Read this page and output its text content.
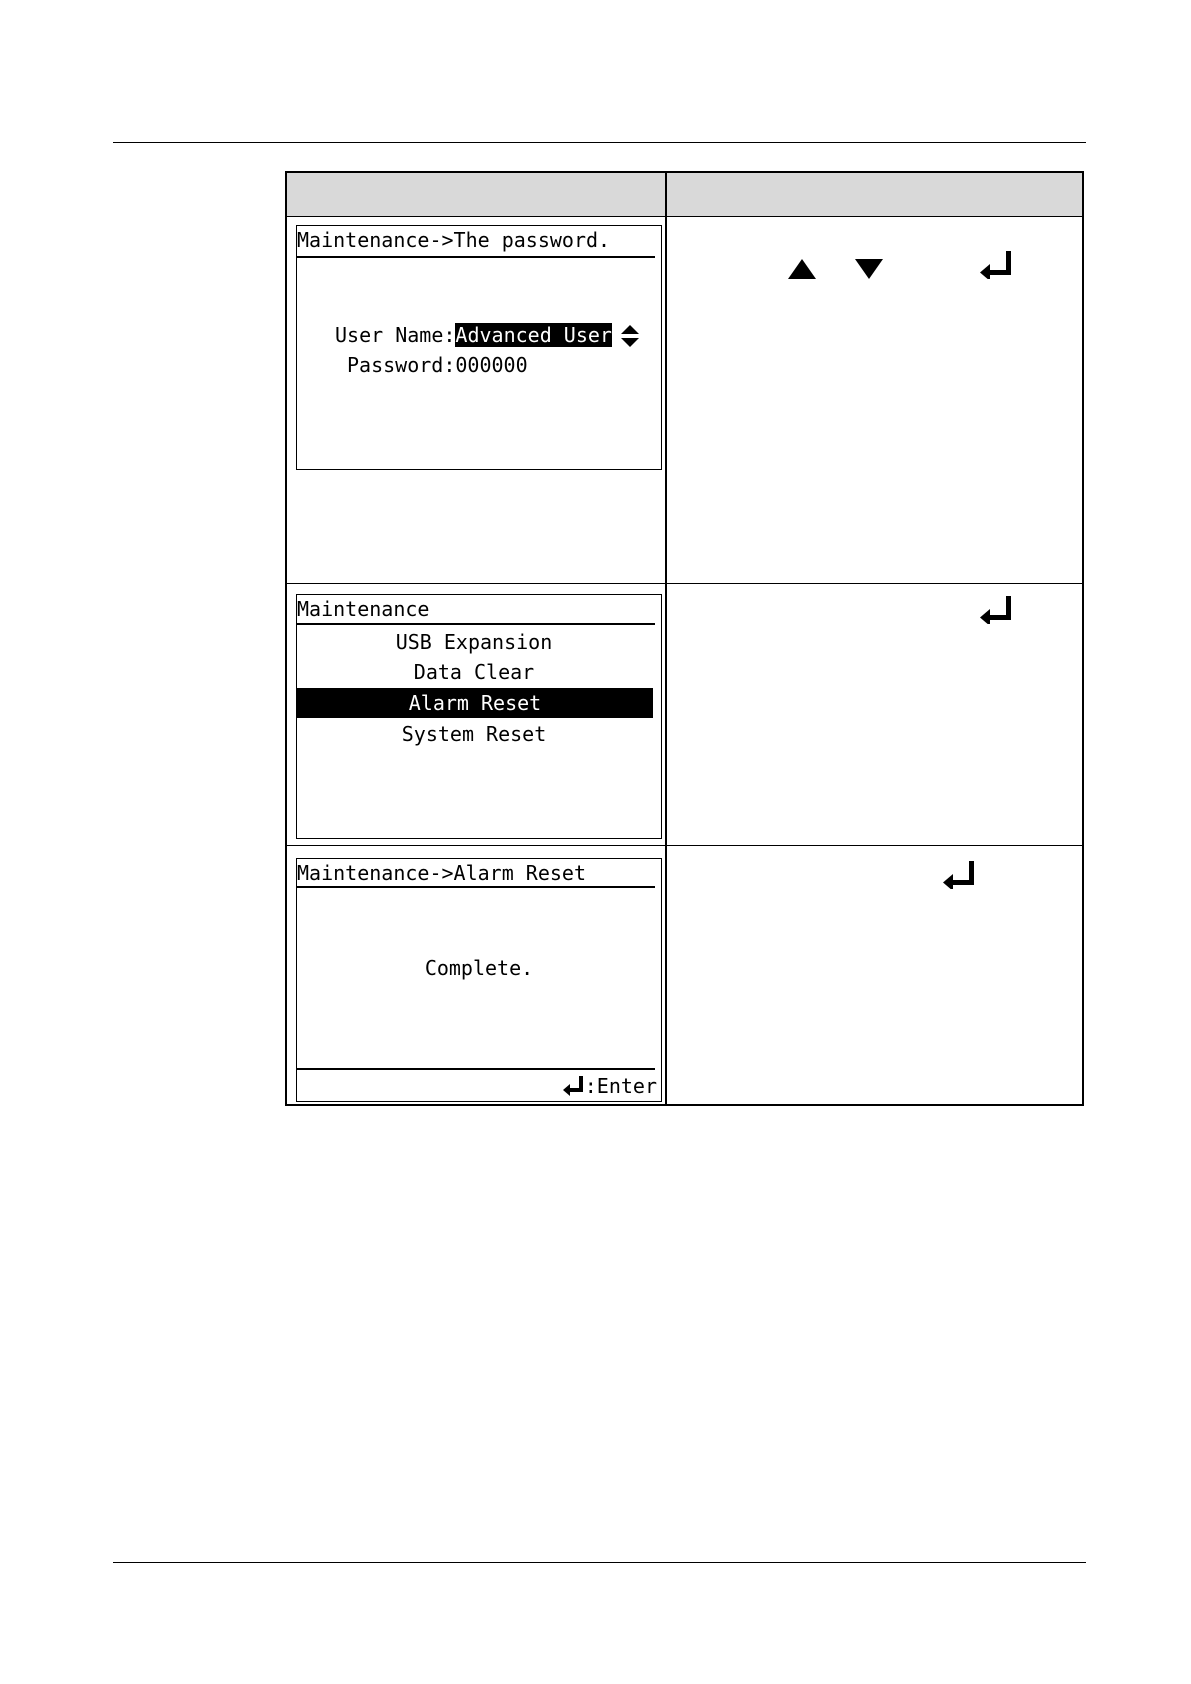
Maintenance->The password.
User Name:Advanced User
Password:000000
Maintenance
USB Expansion
Data Clear
Alarm Reset
System Reset
Maintenance->Alarm Reset
Complete.
:Enter
